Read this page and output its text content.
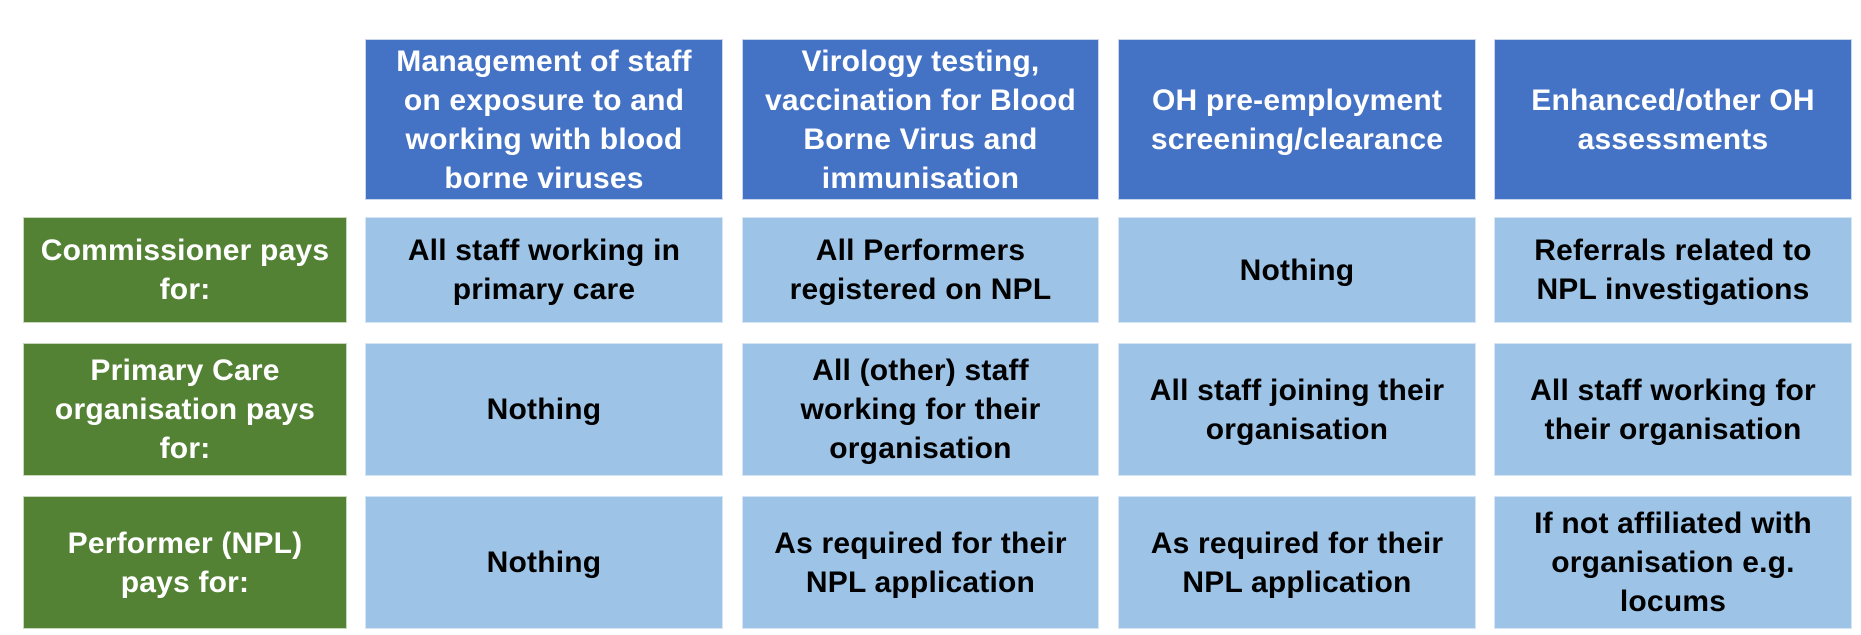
Management of staff on exposure to and working with blood borne viruses
Virology testing, vaccination for Blood Borne Virus and immunisation
OH pre-employment screening/clearance
Enhanced/other OH assessments
Commissioner pays for:
All staff working in primary care
All Performers registered on NPL
Nothing
Referrals related to NPL investigations
Primary Care organisation pays for:
Nothing
All (other) staff working for their organisation
All staff joining their organisation
All staff working for their organisation
Performer (NPL) pays for:
Nothing
As required for their NPL application
As required for their NPL application
If not affiliated with organisation e.g. locums
